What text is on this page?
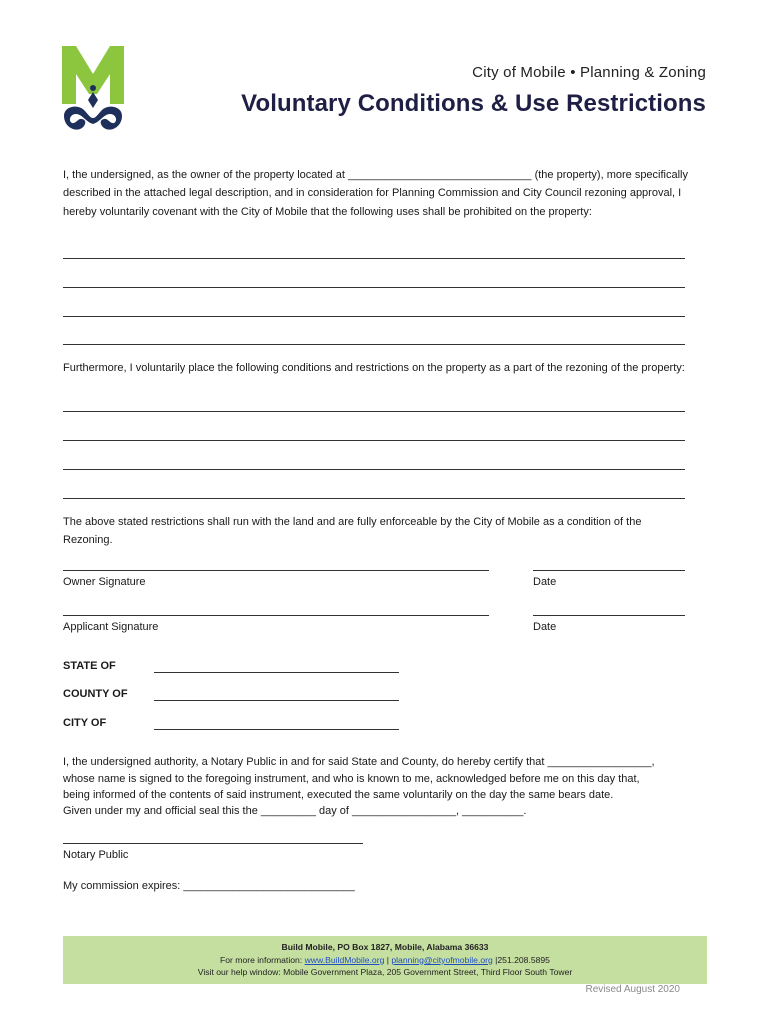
City of Mobile • Planning & Zoning
Voluntary Conditions & Use Restrictions

I, the undersigned, as the owner of the property located at ______________________________ (the property), more specifically described in the attached legal description, and in consideration for Planning Commission and City Council rezoning approval, I hereby voluntarily covenant with the City of Mobile that the following uses shall be prohibited on the property:

Furthermore, I voluntarily place the following conditions and restrictions on the property as a part of the rezoning of the property:

The above stated restrictions shall run with the land and are fully enforceable by the City of Mobile as a condition of the Rezoning.

Owner Signature	Date
Applicant Signature	Date
STATE OF
COUNTY OF
CITY OF
I, the undersigned authority, a Notary Public in and for said State and County, do hereby certify that _________________,
whose name is signed to the foregoing instrument, and who is known to me, acknowledged before me on this day that,
being informed of the contents of said instrument, executed the same voluntarily on the day the same bears date.
Given under my and official seal this the _________ day of _________________, __________.
Notary Public
My commission expires: ____________________________
Build Mobile, PO Box 1827, Mobile, Alabama 36633
For more information: www.BuildMobile.org | planning@cityofmobile.org |251.208.5895
Visit our help window: Mobile Government Plaza, 205 Government Street, Third Floor South Tower
Revised August 2020
